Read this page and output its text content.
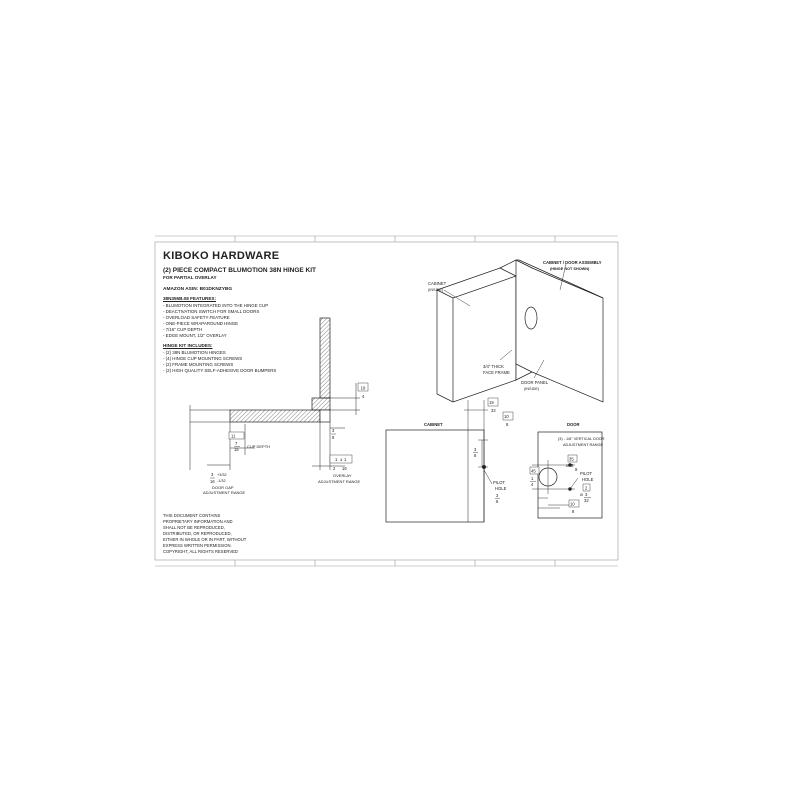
KIBOKO HARDWARE
(2) PIECE COMPACT BLUMOTION 38N HINGE KIT
FOR PARTIAL OVERLAY
AMAZON ASIN: B01DKNZYBG
38N355B.08 FEATURES:
- BLUMOTION INTEGRATED INTO THE HINGE CUP
- DEACTIVATION SWITCH FOR SMALL DOORS
- OVERLOAD SAFETY FEATURE
- ONE-PIECE WRAPAROUND HINGE
- 7/16" CUP DEPTH
- EDGE MOUNT, 1/2" OVERLAY
HINGE KIT INCLUDES:
- (2) 38N BLUMOTION HINGES
- (4) HINGE CUP MOUNTING SCREWS
- (2) FRAME MOUNTING SCREWS
- (2) HIGH QUALITY SELF-ADHESIVE DOOR BUMPERS
THIS DOCUMENT CONTAINS
PROPRIETARY INFORMATION AND
SHALL NOT BE REPRODUCED,
DISTRIBUTED, OR REPRODUCED,
EITHER IN WHOLE OR IN PART, WITHOUT
EXPRESS WRITTEN PERMISSION.
COPYRIGHT, ALL RIGHTS RESERVED
19
4
3
8
11
7
16
CUP DEPTH
3
16
+3/32
-1/32
DOOR GAP
ADJUSTMENT RANGE
1 ± 1
2 16
OVERLAY
ADJUSTMENT RANGE
CABINET / DOOR ASSEMBLY
(HINGE NOT SHOWN)
CABINET
(INSIDE)
3/4" THICK
FACE FRAME
DOOR PANEL
(INSIDE)
CABINET
19
32
10
8
3
8
PILOT
HOLE
3
8
DOOR
(3) - 1/8" VERTICAL DOOR
ADJUSTMENT RANGE
35
Ø 3
8
45
1
4
PILOT
HOLE
2
Ø 3
32
10
8
